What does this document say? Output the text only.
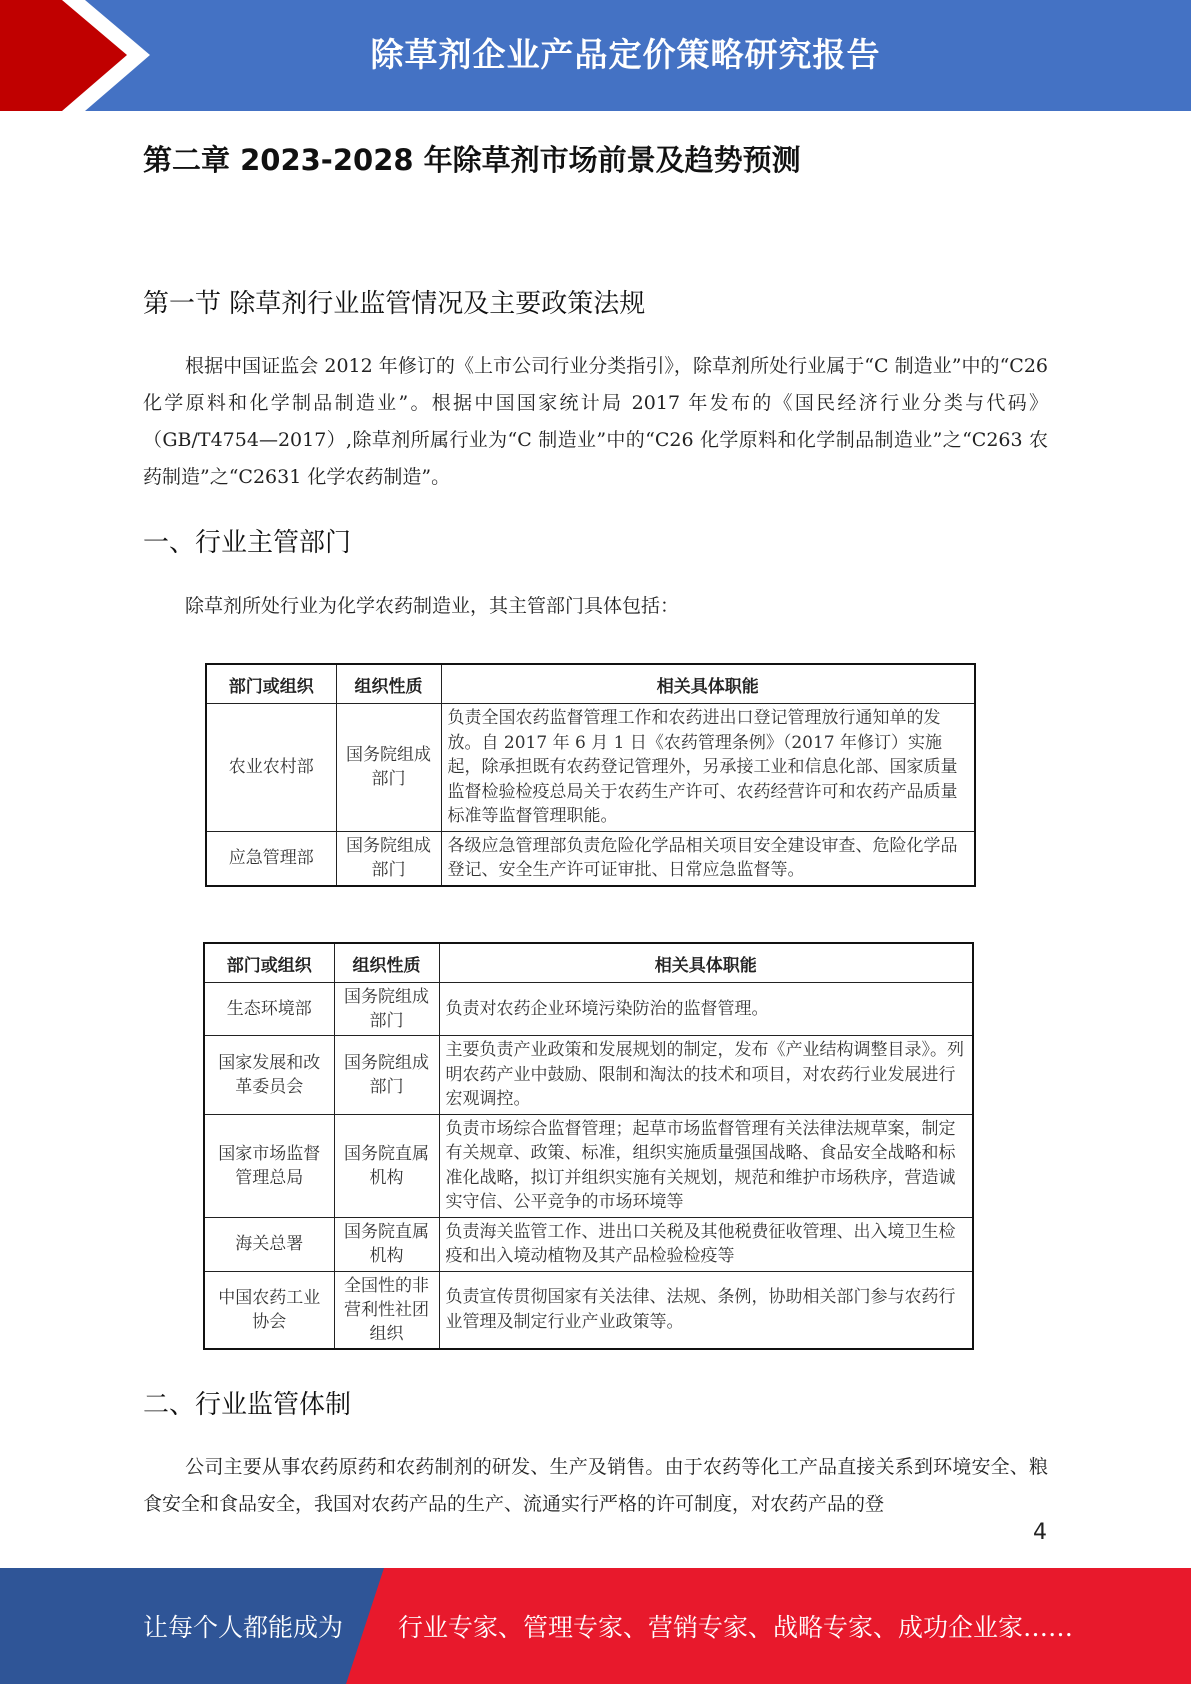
除草剂企业产品定价策略研究报告
第二章 2023-2028 年除草剂市场前景及趋势预测
第一节 除草剂行业监管情况及主要政策法规
根据中国证监会 2012 年修订的《上市公司行业分类指引》，除草剂所处行业属于“C 制造业”中的“C26 化学原料和化学制品制造业”。根据中国国家统计局 2017 年发布的《国民经济行业分类与代码》（GB/T4754—2017）,除草剂所属行业为“C 制造业”中的“C26 化学原料和化学制品制造业”之“C263 农药制造”之“C2631 化学农药制造”。
一、行业主管部门
除草剂所处行业为化学农药制造业，其主管部门具体包括：
部门或组织	组织性质	相关具体职能
农业农村部	国务院组成部门	负责全国农药监督管理工作和农药进出口登记管理放行通知单的发放。自 2017 年 6 月 1 日《农药管理条例》（2017 年修订）实施起，除承担既有农药登记管理外，另承接工业和信息化部、国家质量监督检验检疫总局关于农药生产许可、农药经营许可和农药产品质量标准等监督管理职能。
应急管理部	国务院组成部门	各级应急管理部负责危险化学品相关项目安全建设审查、危险化学品登记、安全生产许可证审批、日常应急监督等。
部门或组织	组织性质	相关具体职能
生态环境部	国务院组成部门	负责对农药企业环境污染防治的监督管理。
国家发展和改革委员会	国务院组成部门	主要负责产业政策和发展规划的制定，发布《产业结构调整目录》。列明农药产业中鼓励、限制和淘汰的技术和项目，对农药行业发展进行宏观调控。
国家市场监督管理总局	国务院直属机构	负责市场综合监督管理；起草市场监督管理有关法律法规草案，制定有关规章、政策、标准，组织实施质量强国战略、食品安全战略和标准化战略，拟订并组织实施有关规划，规范和维护市场秩序，营造诚实守信、公平竞争的市场环境等
海关总署	国务院直属机构	负责海关监管工作、进出口关税及其他税费征收管理、出入境卫生检疫和出入境动植物及其产品检验检疫等
中国农药工业协会	全国性的非营利性社团组织	负责宣传贯彻国家有关法律、法规、条例，协助相关部门参与农药行业管理及制定行业产业政策等。
二、行业监管体制
公司主要从事农药原药和农药制剂的研发、生产及销售。由于农药等化工产品直接关系到环境安全、粮食安全和食品安全，我国对农药产品的生产、流通实行严格的许可制度，对农药产品的登
4
让每个人都能成为 行业专家、管理专家、营销专家、战略专家、成功企业家……
